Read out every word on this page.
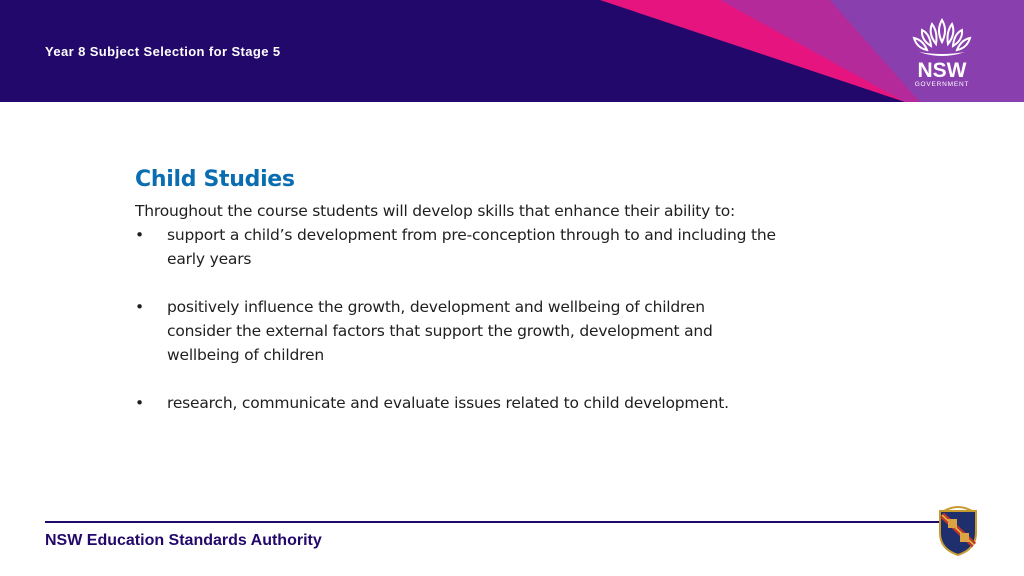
Year 8 Subject Selection for Stage 5
NSW
GOVERNMENT
Child Studies
Throughout the course students will develop skills that enhance their ability to:
• support a child’s development from pre-conception through to and including the
early years
• positively influence the growth, development and wellbeing of children
consider the external factors that support the growth, development and
wellbeing of children
• research, communicate and evaluate issues related to child development.
NSW Education Standards Authority
